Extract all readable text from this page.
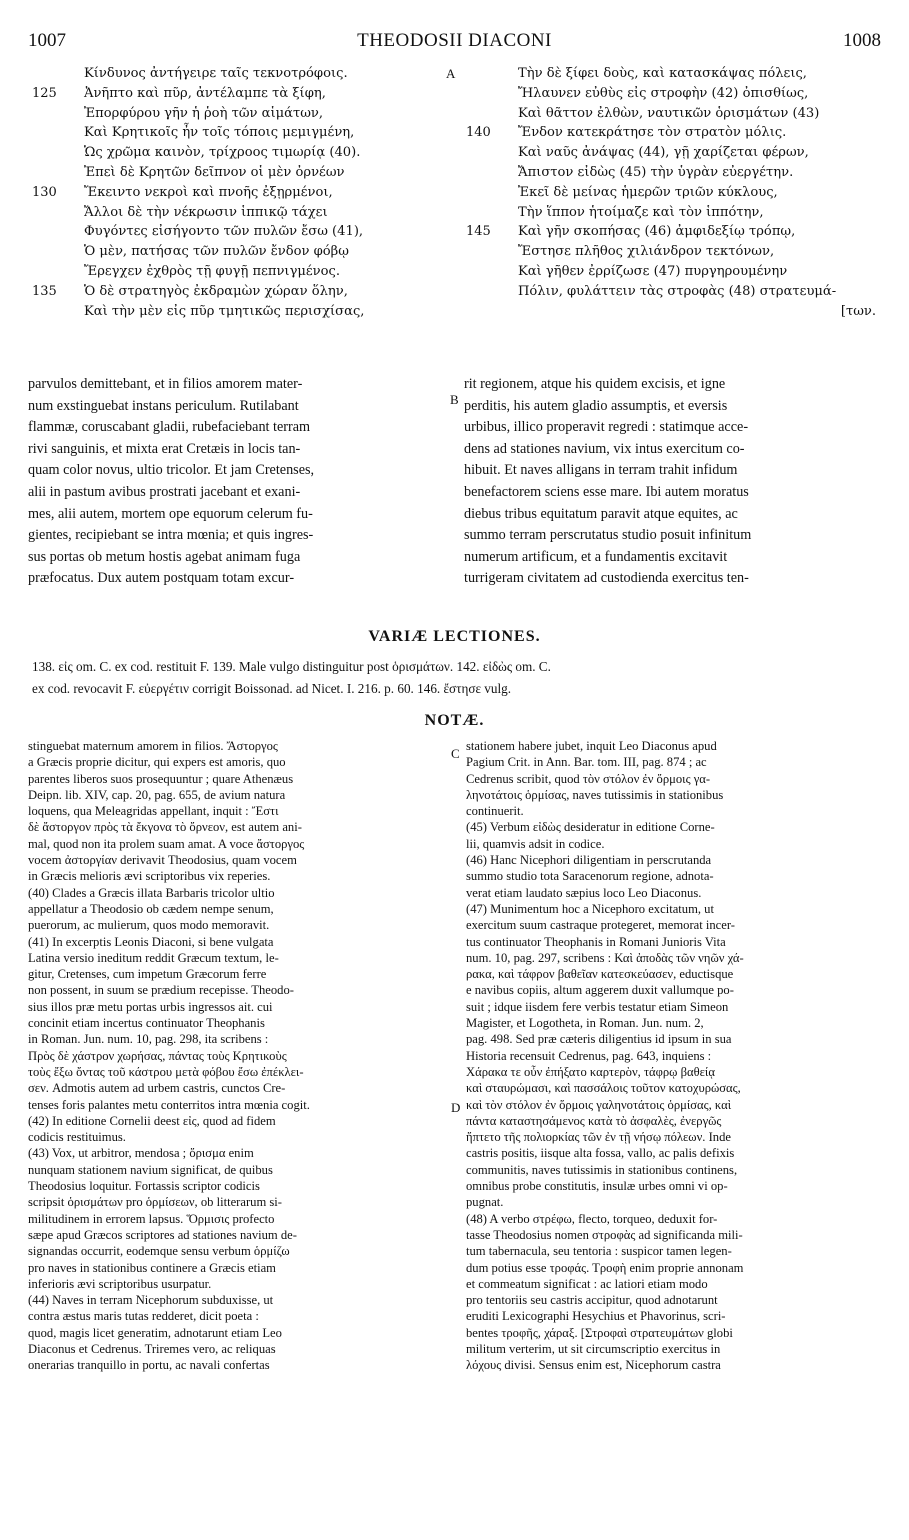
1007	THEODOSII DIACONI	1008
A
B
C
D
Κίνδυνος ἀντήγειρε ταῖς τεκνοτρόφοις.
125	Ἀνῆπτο καὶ πῦρ, ἀντέλαμπε τὰ ξίφη,
Ἐπορφύρου γῆν ἡ ῥοὴ τῶν αἱμάτων,
Καὶ Κρητικοῖς ἦν τοῖς τόποις μεμιγμένη,
Ὡς χρῶμα καινὸν, τρίχροος τιμωρίᾳ (40).
Ἐπεὶ δὲ Κρητῶν δεῖπνον οἱ μὲν ὀρνέων
130	Ἔκειντο νεκροὶ καὶ πνοῆς ἐξῃρμένοι,
Ἄλλοι δὲ τὴν νέκρωσιν ἱππικῷ τάχει
Φυγόντες εἰσήγοντο τῶν πυλῶν ἔσω (41),
Ὁ μὲν, πατήσας τῶν πυλῶν ἔνδον φόβῳ
Ἔρεγχεν ἐχθρὸς τῇ φυγῇ πεπνιγμένος.
135	Ὁ δὲ στρατηγὸς ἐκδραμὼν χώραν ὅλην,
Καὶ τὴν μὲν εἰς πῦρ τμητικῶς περισχίσας,
Τὴν δὲ ξίφει δοὺς, καὶ κατασκάψας πόλεις,
Ἤλαυνεν εὐθὺς εἰς στροφὴν (42) ὀπισθίως,
Καὶ θᾶττον ἐλθὼν, ναυτικῶν ὁρισμάτων (43)
140	Ἔνδον κατεκράτησε τὸν στρατὸν μόλις.
Καὶ ναῦς ἀνάψας (44), γῇ χαρίζεται φέρων,
Ἄπιστον εἰδὼς (45) τὴν ὑγρὰν εὐεργέτην.
Ἐκεῖ δὲ μείνας ἡμερῶν τριῶν κύκλους,
Τὴν ἵππον ἡτοίμαζε καὶ τὸν ἱππότην,
145	Καὶ γῆν σκοπήσας (46) ἀμφιδεξίῳ τρόπῳ,
Ἔστησε πλῆθος χιλιάνδρον τεκτόνων,
Καὶ γῆθεν ἐρρίζωσε (47) πυργηρουμένην
Πόλιν, φυλάττειν τὰς στροφὰς (48) στρατευμά-
[των.
parvulos demittebant, et in filios amorem mater-
num exstinguebat instans periculum. Rutilabant
flammæ, coruscabant gladii, rubefaciebant terram
rivi sanguinis, et mixta erat Cretæis in locis tan-
quam color novus, ultio tricolor. Et jam Cretenses,
alii in pastum avibus prostrati jacebant et exani-
mes, alii autem, mortem ope equorum celerum fu-
gientes, recipiebant se intra mœnia; et quis ingres-
sus portas ob metum hostis agebat animam fuga
præfocatus. Dux autem postquam totam excur-
rit regionem, atque his quidem excisis, et igne
perditis, his autem gladio assumptis, et eversis
urbibus, illico properavit regredi : statimque acce-
dens ad stationes navium, vix intus exercitum co-
hibuit. Et naves alligans in terram trahit infidum
benefactorem sciens esse mare. Ibi autem moratus
diebus tribus equitatum paravit atque equites, ac
summo terram perscrutatus studio posuit infinitum
numerum artificum, et a fundamentis excitavit
turrigeram civitatem ad custodienda exercitus ten-
VARIÆ LECTIONES.
138. εἰς om. C. ex cod. restituit F. 139. Male vulgo distinguitur post ὁρισμάτων. 142. εἰδὼς om. C.
ex cod. revocavit F. εὐεργέτιν corrigit Boissonad. ad Nicet. I. 216. p. 60. 146. ἔστησε vulg.
NOTÆ.
stinguebat maternum amorem in filios. Ἄστοργος
a Græcis proprie dicitur, qui expers est amoris, quo
parentes liberos suos prosequuntur ; quare Athenæus
Deipn. lib. XIV, cap. 20, pag. 655, de avium natura
loquens, qua Meleagridas appellant, inquit : Ἔστι
δὲ ἄστοργον πρὸς τὰ ἔκγονα τὸ ὄρνεον, est autem ani-
mal, quod non ita prolem suam amat. A voce ἄστοργος
vocem ἀστοργίαν derivavit Theodosius, quam vocem
in Græcis melioris ævi scriptoribus vix reperies.
(40) Clades a Græcis illata Barbaris tricolor ultio
appellatur a Theodosio ob cædem nempe senum,
puerorum, ac mulierum, quos modo memoravit.
(41) In excerptis Leonis Diaconi, si bene vulgata
Latina versio ineditum reddit Græcum textum, le-
gitur, Cretenses, cum impetum Græcorum ferre
non possent, in suum se prædium recepisse. Theodo-
sius illos præ metu portas urbis ingressos ait. cui
concinit etiam incertus continuator Theophanis
in Roman. Jun. num. 10, pag. 298, ita scribens :
Πρὸς δὲ χάστρον χωρήσας, πάντας τοὺς Κρητικοὺς
τοὺς ἔξω ὄντας τοῦ κάστρου μετὰ φόβου ἔσω ἐπέκλει-
σεν. Admotis autem ad urbem castris, cunctos Cre-
tenses foris palantes metu conterritos intra mœnia cogit.
(42) In editione Cornelii deest εἰς, quod ad fidem
codicis restituimus.
(43) Vox, ut arbitror, mendosa ; ὅρισμα enim
nunquam stationem navium significat, de quibus
Theodosius loquitur. Fortassis scriptor codicis
scripsit ὁρισμάτων pro ὁρμίσεων, ob litterarum si-
militudinem in errorem lapsus. Ὅρμισις profecto
sæpe apud Græcos scriptores ad stationes navium de-
signandas occurrit, eodemque sensu verbum ὁρμίζω
pro naves in stationibus continere a Græcis etiam
inferioris ævi scriptoribus usurpatur.
(44) Naves in terram Nicephorum subduxisse, ut
contra æstus maris tutas redderet, dicit poeta :
quod, magis licet generatim, adnotarunt etiam Leo
Diaconus et Cedrenus. Triremes vero, ac reliquas
onerarias tranquillo in portu, ac navali confertas
stationem habere jubet, inquit Leo Diaconus apud
Pagium Crit. in Ann. Bar. tom. III, pag. 874 ; ac
Cedrenus scribit, quod τὸν στόλον ἐν ὅρμοις γα-
ληνοτάτοις ὁρμίσας, naves tutissimis in stationibus
continuerit.
(45) Verbum εἰδὼς desideratur in editione Corne-
lii, quamvis adsit in codice.
(46) Hanc Nicephori diligentiam in perscrutanda
summo studio tota Saracenorum regione, adnota-
verat etiam laudato sæpius loco Leo Diaconus.
(47) Munimentum hoc a Nicephoro excitatum, ut
exercitum suum castraque protegeret, memorat incer-
tus continuator Theophanis in Romani Junioris Vita
num. 10, pag. 297, scribens : Καὶ ἀποδὰς τῶν νηῶν χά-
ρακα, καὶ τάφρον βαθεῖαν κατεσκεύασεν, eductisque
e navibus copiis, altum aggerem duxit vallumque po-
suit ; idque iisdem fere verbis testatur etiam Simeon
Magister, et Logotheta, in Roman. Jun. num. 2,
pag. 498. Sed præ cæteris diligentius id ipsum in sua
Historia recensuit Cedrenus, pag. 643, inquiens :
Χάρακα τε οὖν ἐπήξατο καρτερὸν, τάφρῳ βαθείᾳ
καὶ σταυρώμασι, καὶ πασσάλοις τοῦτον κατοχυρώσας,
καὶ τὸν στόλον ἐν ὅρμοις γαληνοτάτοις ὁρμίσας, καὶ
πάντα καταστησάμενος κατὰ τὸ ἀσφαλὲς, ἐνεργῶς
ἥπτετο τῆς πολιορκίας τῶν ἐν τῇ νήσῳ πόλεων. Inde
castris positis, iisque alta fossa, vallo, ac palis defixis
communitis, naves tutissimis in stationibus continens,
omnibus probe constitutis, insulæ urbes omni vi op-
pugnat.
(48) A verbo στρέφω, flecto, torqueo, deduxit for-
tasse Theodosius nomen στροφὰς ad significanda mili-
tum tabernacula, seu tentoria : suspicor tamen legen-
dum potius esse τροφάς. Τροφὴ enim proprie annonam
et commeatum significat : ac latiori etiam modo
pro tentoriis seu castris accipitur, quod adnotarunt
eruditi Lexicographi Hesychius et Phavorinus, scri-
bentes τροφῆς, χάραξ. [Στροφαὶ στρατευμάτων globi
militum verterim, ut sit circumscriptio exercitus in
λόχους divisi. Sensus enim est, Nicephorum castra
